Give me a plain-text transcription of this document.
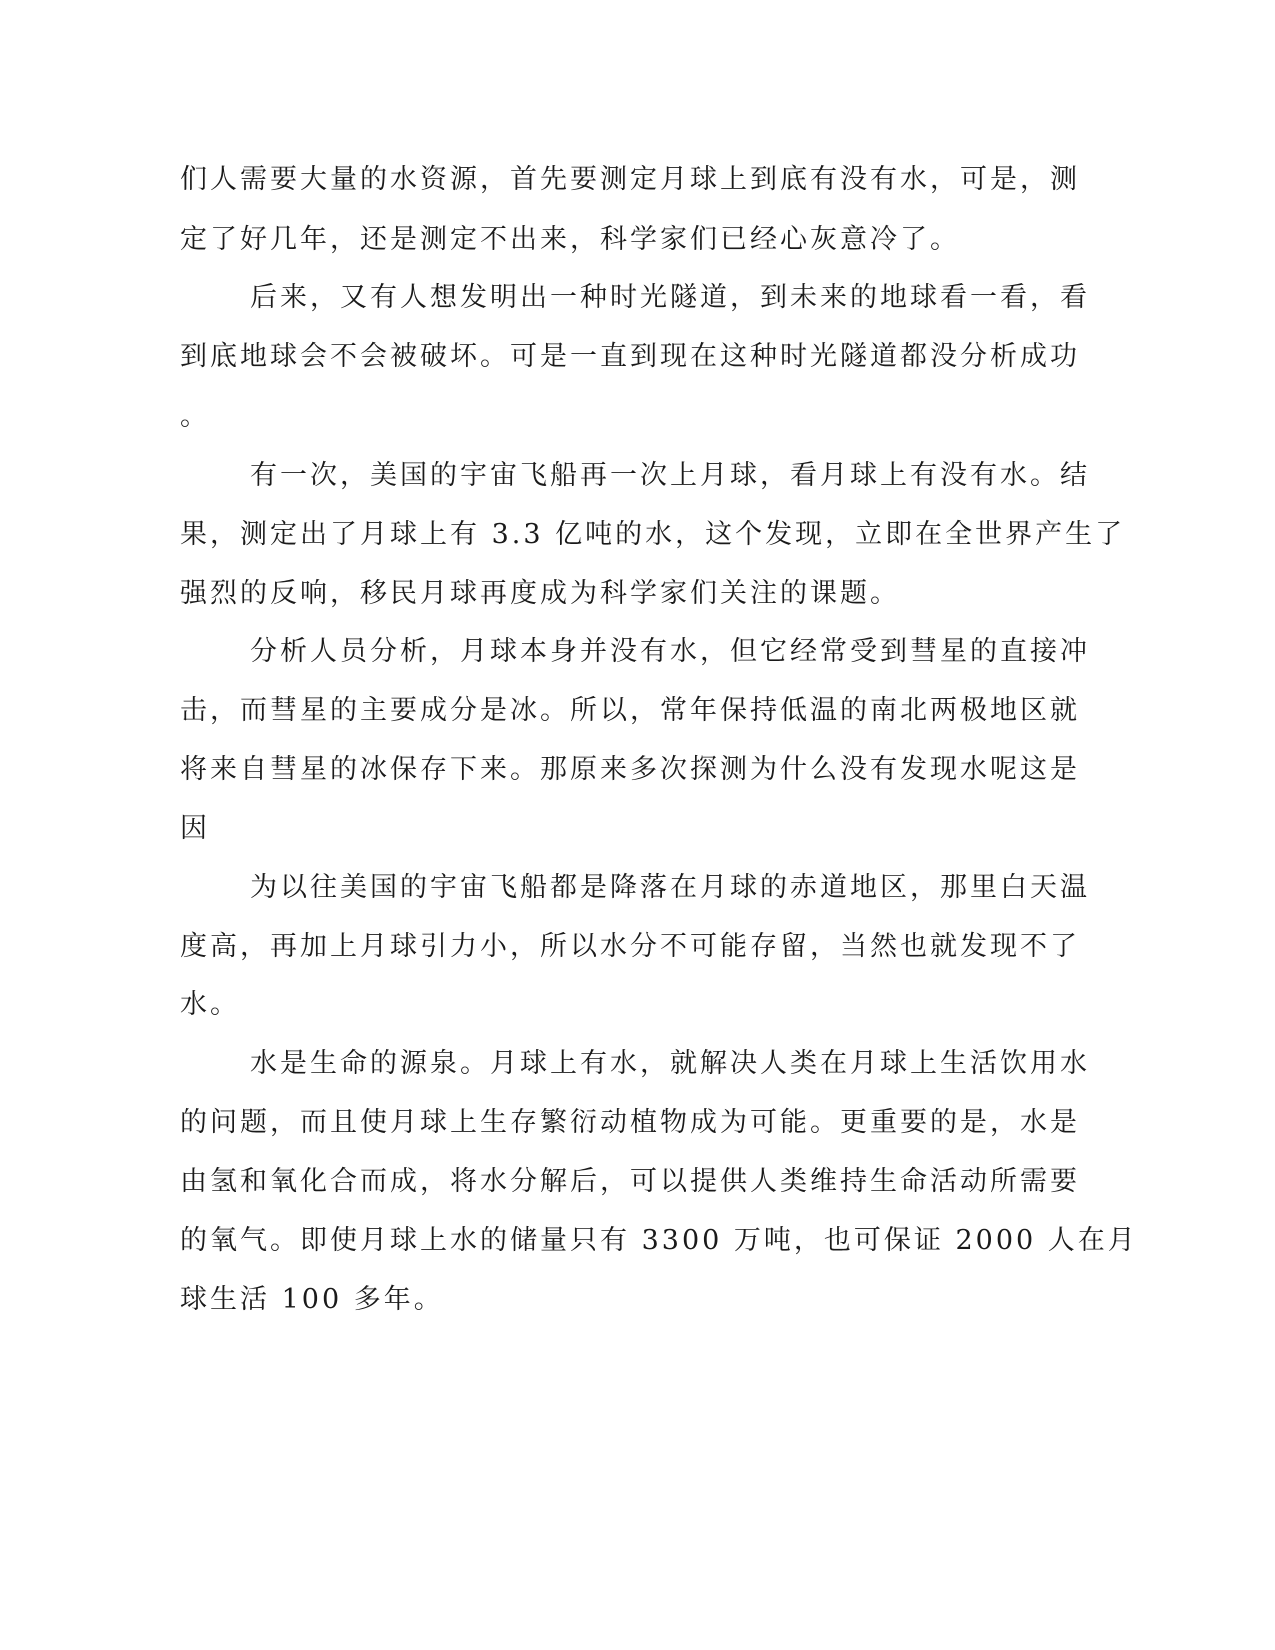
们人需要大量的水资源，首先要测定月球上到底有没有水，可是，测
定了好几年，还是测定不出来，科学家们已经心灰意冷了。
后来，又有人想发明出一种时光隧道，到未来的地球看一看，看
到底地球会不会被破坏。可是一直到现在这种时光隧道都没分析成功
。
有一次，美国的宇宙飞船再一次上月球，看月球上有没有水。结
果，测定出了月球上有 3.3 亿吨的水，这个发现，立即在全世界产生了
强烈的反响，移民月球再度成为科学家们关注的课题。
分析人员分析，月球本身并没有水，但它经常受到彗星的直接冲
击，而彗星的主要成分是冰。所以，常年保持低温的南北两极地区就
将来自彗星的冰保存下来。那原来多次探测为什么没有发现水呢这是
因
为以往美国的宇宙飞船都是降落在月球的赤道地区，那里白天温
度高，再加上月球引力小，所以水分不可能存留，当然也就发现不了
水。
水是生命的源泉。月球上有水，就解决人类在月球上生活饮用水
的问题，而且使月球上生存繁衍动植物成为可能。更重要的是，水是
由氢和氧化合而成，将水分解后，可以提供人类维持生命活动所需要
的氧气。即使月球上水的储量只有 3300 万吨，也可保证 2000 人在月
球生活 100 多年。
